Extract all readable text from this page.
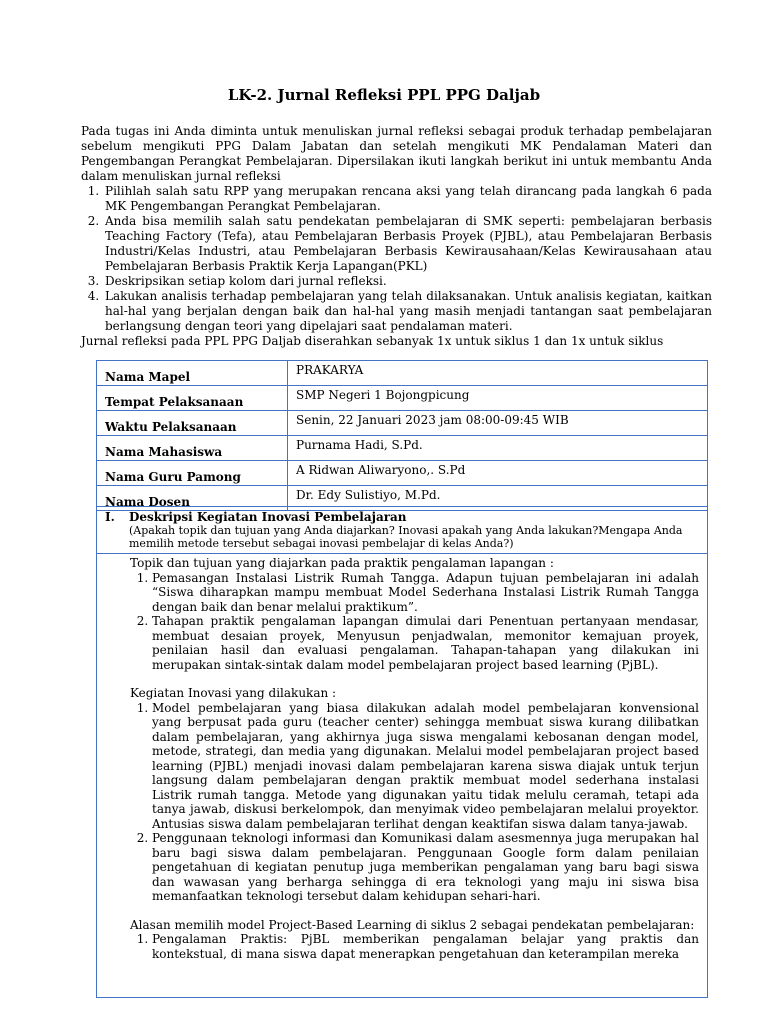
LK-2. Jurnal Refleksi PPL PPG Daljab

Pada tugas ini Anda diminta untuk menuliskan jurnal refleksi sebagai produk terhadap pembelajaran sebelum mengikuti PPG Dalam Jabatan dan setelah mengikuti MK Pendalaman Materi dan Pengembangan Perangkat Pembelajaran. Dipersilakan ikuti langkah berikut ini untuk membantu Anda dalam menuliskan jurnal refleksi

1. Pilihlah salah satu RPP yang merupakan rencana aksi yang telah dirancang pada langkah 6 pada MK Pengembangan Perangkat Pembelajaran.
2. Anda bisa memilih salah satu pendekatan pembelajaran di SMK seperti: pembelajaran berbasis Teaching Factory (Tefa), atau Pembelajaran Berbasis Proyek (PJBL), atau Pembelajaran Berbasis Industri/Kelas Industri, atau Pembelajaran Berbasis Kewirausahaan/Kelas Kewirausahaan atau Pembelajaran Berbasis Praktik Kerja Lapangan(PKL)
3. Deskripsikan setiap kolom dari jurnal refleksi.
4. Lakukan analisis terhadap pembelajaran yang telah dilaksanakan. Untuk analisis kegiatan, kaitkan hal-hal yang berjalan dengan baik dan hal-hal yang masih menjadi tantangan saat pembelajaran berlangsung dengan teori yang dipelajari saat pendalaman materi.

Jurnal refleksi pada PPL PPG Daljab diserahkan sebanyak 1x untuk siklus 1 dan 1x untuk siklus

Nama Mapel	PRAKARYA
Tempat Pelaksanaan	SMP Negeri 1 Bojongpicung
Waktu Pelaksanaan	Senin, 22 Januari 2023 jam 08:00-09:45 WIB
Nama Mahasiswa	Purnama Hadi, S.Pd.
Nama Guru Pamong	A Ridwan Aliwaryono,. S.Pd
Nama Dosen	Dr. Edy Sulistiyo, M.Pd.
I. Deskripsi Kegiatan Inovasi Pembelajaran
(Apakah topik dan tujuan yang Anda diajarkan? Inovasi apakah yang Anda lakukan?Mengapa Anda memilih metode tersebut sebagai inovasi pembelajar di kelas Anda?)

Topik dan tujuan yang diajarkan pada praktik pengalaman lapangan :

1. Pemasangan Instalasi Listrik Rumah Tangga. Adapun tujuan pembelajaran ini adalah “Siswa diharapkan mampu membuat Model Sederhana Instalasi Listrik Rumah Tangga dengan baik dan benar melalui praktikum”.
2. Tahapan praktik pengalaman lapangan dimulai dari Penentuan pertanyaan mendasar, membuat desaian proyek, Menyusun penjadwalan, memonitor kemajuan proyek, penilaian hasil dan evaluasi pengalaman. Tahapan-tahapan yang dilakukan ini merupakan sintak-sintak dalam model pembelajaran project based learning (PjBL).

Kegiatan Inovasi yang dilakukan :

1. Model pembelajaran yang biasa dilakukan adalah model pembelajaran konvensional yang berpusat pada guru (teacher center) sehingga membuat siswa kurang dilibatkan dalam pembelajaran, yang akhirnya juga siswa mengalami kebosanan dengan model, metode, strategi, dan media yang digunakan. Melalui model pembelajaran project based learning (PJBL) menjadi inovasi dalam pembelajaran karena siswa diajak untuk terjun langsung dalam pembelajaran dengan praktik membuat model sederhana instalasi Listrik rumah tangga. Metode yang digunakan yaitu tidak melulu ceramah, tetapi ada tanya jawab, diskusi berkelompok, dan menyimak video pembelajaran melalui proyektor. Antusias siswa dalam pembelajaran terlihat dengan keaktifan siswa dalam tanya-jawab.
2. Penggunaan teknologi informasi dan Komunikasi dalam asesmennya juga merupakan hal baru bagi siswa dalam pembelajaran. Penggunaan Google form dalam penilaian pengetahuan di kegiatan penutup juga memberikan pengalaman yang baru bagi siswa dan wawasan yang berharga sehingga di era teknologi yang maju ini siswa bisa memanfaatkan teknologi tersebut dalam kehidupan sehari-hari.

Alasan memilih model Project-Based Learning di siklus 2 sebagai pendekatan pembelajaran:

1. Pengalaman Praktis: PjBL memberikan pengalaman belajar yang praktis dan kontekstual, di mana siswa dapat menerapkan pengetahuan dan keterampilan mereka
